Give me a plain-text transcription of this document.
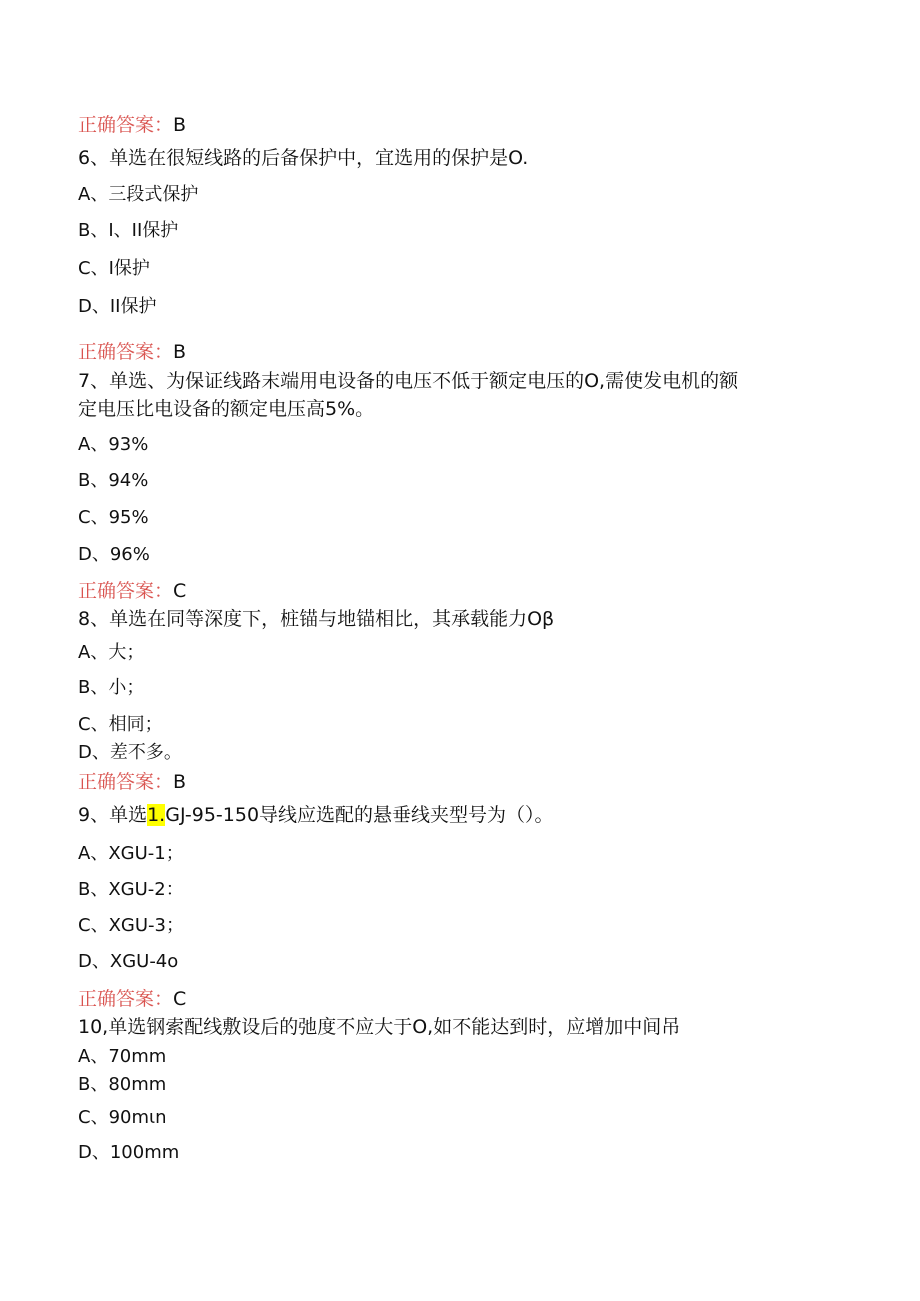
正确答案：B
6、单选在很短线路的后备保护中，宜选用的保护是O.
A、三段式保护
B、I、II保护
C、I保护
D、II保护
正确答案：B
7、单选、为保证线路末端用电设备的电压不低于额定电压的O,需使发电机的额
定电压比电设备的额定电压高5%。
A、93%
B、94%
C、95%
D、96%
正确答案：C
8、单选在同等深度下，桩锚与地锚相比，其承载能力Oβ
A、大；
B、小；
C、相同；
D、差不多。
正确答案：B
9、单选1.GJ-95-150导线应选配的悬垂线夹型号为（）。
A、XGU-1；
B、XGU-2：
C、XGU-3；
D、XGU-4o
正确答案：C
10,单选钢索配线敷设后的弛度不应大于O,如不能达到时，应增加中间吊
A、70mm
B、80mm
C、90mιn
D、100mm
